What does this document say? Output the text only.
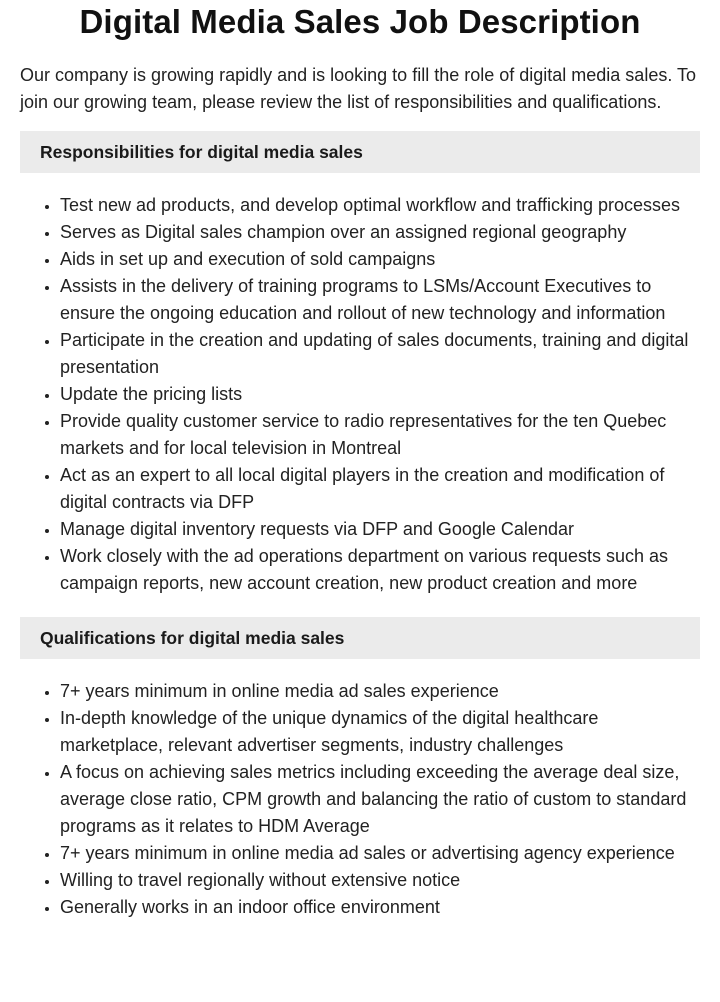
Digital Media Sales Job Description

Our company is growing rapidly and is looking to fill the role of digital media sales. To join our growing team, please review the list of responsibilities and qualifications.

Responsibilities for digital media sales
• Test new ad products, and develop optimal workflow and trafficking processes
• Serves as Digital sales champion over an assigned regional geography
• Aids in set up and execution of sold campaigns
• Assists in the delivery of training programs to LSMs/Account Executives to ensure the ongoing education and rollout of new technology and information
• Participate in the creation and updating of sales documents, training and digital presentation
• Update the pricing lists
• Provide quality customer service to radio representatives for the ten Quebec markets and for local television in Montreal
• Act as an expert to all local digital players in the creation and modification of digital contracts via DFP
• Manage digital inventory requests via DFP and Google Calendar
• Work closely with the ad operations department on various requests such as campaign reports, new account creation, new product creation and more
Qualifications for digital media sales
• 7+ years minimum in online media ad sales experience
• In-depth knowledge of the unique dynamics of the digital healthcare marketplace, relevant advertiser segments, industry challenges
• A focus on achieving sales metrics including exceeding the average deal size, average close ratio, CPM growth and balancing the ratio of custom to standard programs as it relates to HDM Average
• 7+ years minimum in online media ad sales or advertising agency experience
• Willing to travel regionally without extensive notice
• Generally works in an indoor office environment
